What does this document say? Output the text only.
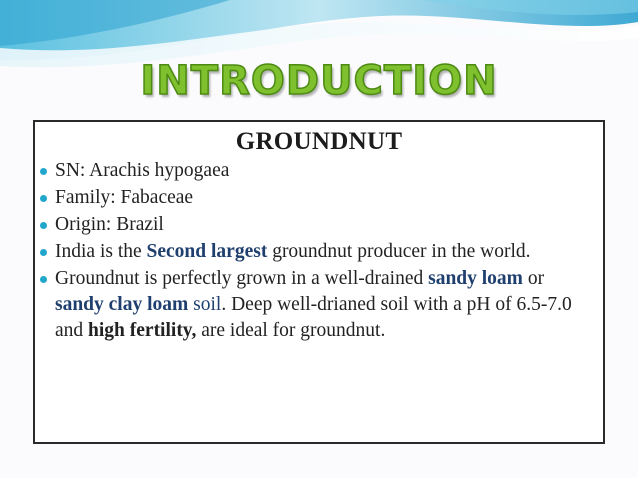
INTRODUCTION
GROUNDNUT
SN: Arachis hypogaea
Family: Fabaceae
Origin: Brazil
India is the Second largest groundnut producer in the world.
Groundnut is perfectly grown in a well-drained sandy loam or sandy clay loam soil. Deep well-drianed soil with a pH of 6.5-7.0 and high fertility, are ideal for groundnut.
